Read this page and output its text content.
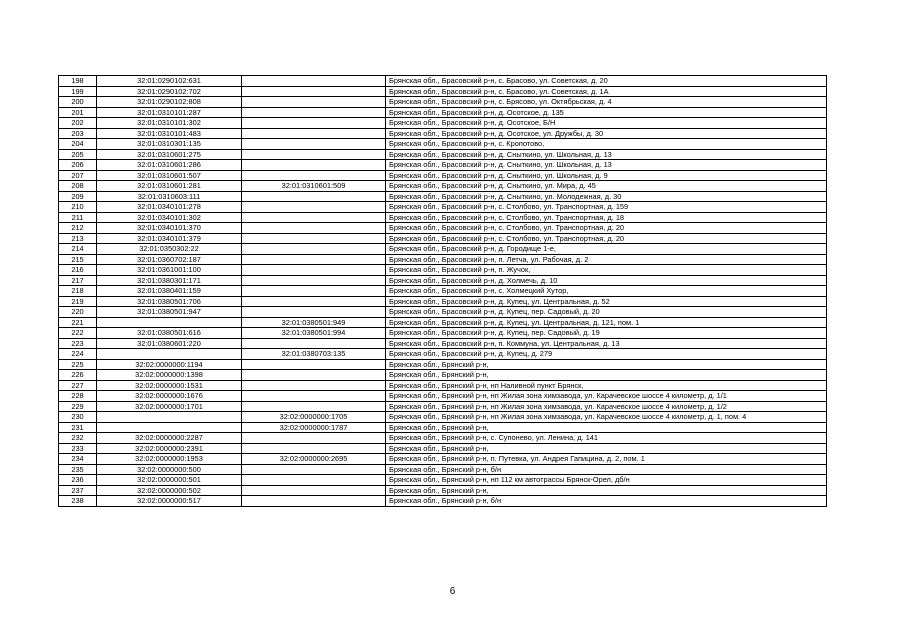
198	32:01:0290102:631		Брянская обл., Брасовский р-н, с. Брасово, ул. Советская, д. 20
199	32:01:0290102:702		Брянская обл., Брасовский р-н, с. Брасово, ул. Советская, д. 1А
200	32:01:0290102:808		Брянская обл., Брасовский р-н, с. Брясово, ул. Октябрьская, д. 4
201	32:01:0310101:287		Брянская обл., Брасовский р-н, д. Осотское, д. 135
202	32:01:0310101:302		Брянская обл., Брасовский р-н, д. Осотское, Б/Н
203	32:01:0310101:483		Брянская обл., Брасовский р-н, д. Осотское, ул. Дружбы, д. 30
204	32:01:0310301:135		Брянская обл., Брасовский р-н, с. Кропотово,
205	32:01:0310601:275		Брянская обл., Брасовский р-н, д. Сныткино, ул. Школьная, д. 13
206	32:01:0310601:286		Брянская обл., Брасовский р-н, д. Сныткино, ул. Школьная, д. 13
207	32:01:0310601:507		Брянская обл., Брасовский р-н, д. Сныткино, ул. Школьная, д. 9
208	32:01:0310601:281	32:01:0310601:509	Брянская обл., Брасовский р-н, д. Сныткино, ул. Мира, д. 45
209	32:01:0310603:111		Брянская обл., Брасовский р-н, д. Сныткино, ул. Молодежная, д. 30
210	32:01:0340101:278		Брянская обл., Брасовский р-н, с. Столбово, ул. Транспортная, д. 159
211	32:01:0340101:302		Брянская обл., Брасовский р-н, с. Столбово, ул. Транспортная, д. 18
212	32:01:0340101:370		Брянская обл., Брасовский р-н, с. Столбово, ул. Транспортная, д. 20
213	32:01:0340101:379		Брянская обл., Брасовский р-н, с. Столбово, ул. Транспортная, д. 20
214	32:01:0350302:22		Брянская обл., Брасовский р-н, д. Городище 1-е,
215	32:01:0360702:187		Брянская обл., Брасовский р-н, п. Летча, ул. Рабочая, д. 2
216	32:01:0361001:100		Брянская обл., Брасовский р-н, п. Жучок,
217	32:01:0380301:171		Брянская обл., Брасовский р-н, д. Холмечь, д. 10
218	32:01:0380401:159		Брянская обл., Брасовский р-н, с. Холмецкий Хутор,
219	32:01:0380501:706		Брянская обл., Брасовский р-н, д. Купец, ул. Центральная, д. 52
220	32:01:0380501:947		Брянская обл., Брасовский р-н, д. Купец, пер. Садовый, д. 20
221		32:01:0380501:949	Брянская обл., Брасовский р-н, д. Купец, ул. Центральная, д. 121, пом. 1
222	32:01:0380501:616	32:01:0380501:994	Брянская обл., Брасовский р-н, д. Купец, пер. Садовый, д. 19
223	32:01:0380601:220		Брянская обл., Брасовский р-н, п. Коммуна, ул. Центральная, д. 13
224		32:01:0380703:135	Брянская обл., Брасовский р-н, д. Купец, д. 279
225	32:02:0000000:1194		Брянская обл., Брянский р-н,
226	32:02:0000000:1398		Брянская обл., Брянский р-н,
227	32:02:0000000:1531		Брянская обл., Брянский р-н, нп Наливной пункт Брянск,
228	32:02:0000000:1676		Брянская обл., Брянский р-н, нп Жилая зона химзавода, ул. Карачевское шоссе 4 километр, д. 1/1
229	32:02:0000000:1701		Брянская обл., Брянский р-н, нп Жилая зона химзавода, ул. Карачевское шоссе 4 километр, д. 1/2
230		32:02:0000000:1705	Брянская обл., Брянский р-н, нп Жилая зона химзавода, ул. Карачевское шоссе 4 километр, д. 1, пом. 4
231		32:02:0000000:1787	Брянская обл., Брянский р-н,
232	32:02:0000000:2287		Брянская обл., Брянский р-н, с. Супонево, ул. Ленина, д. 141
233	32:02:0000000:2391		Брянская обл., Брянский р-н,
234	32:02:0000000:1953	32:02:0000000:2695	Брянская обл., Брянский р-н, п. Путевка, ул. Андрея Гапицина, д. 2, пом. 1
235	32:02:0000000:500		Брянская обл., Брянский р-н, б/н
236	32:02:0000000:501		Брянская обл., Брянский р-н, нп 112 км автотрассы Брянск-Орел, дб/н
237	32:02:0000000:502		Брянская обл., Брянский р-н,
238	32:02:0000000:517		Брянская обл., Брянский р-н, б/н
6
